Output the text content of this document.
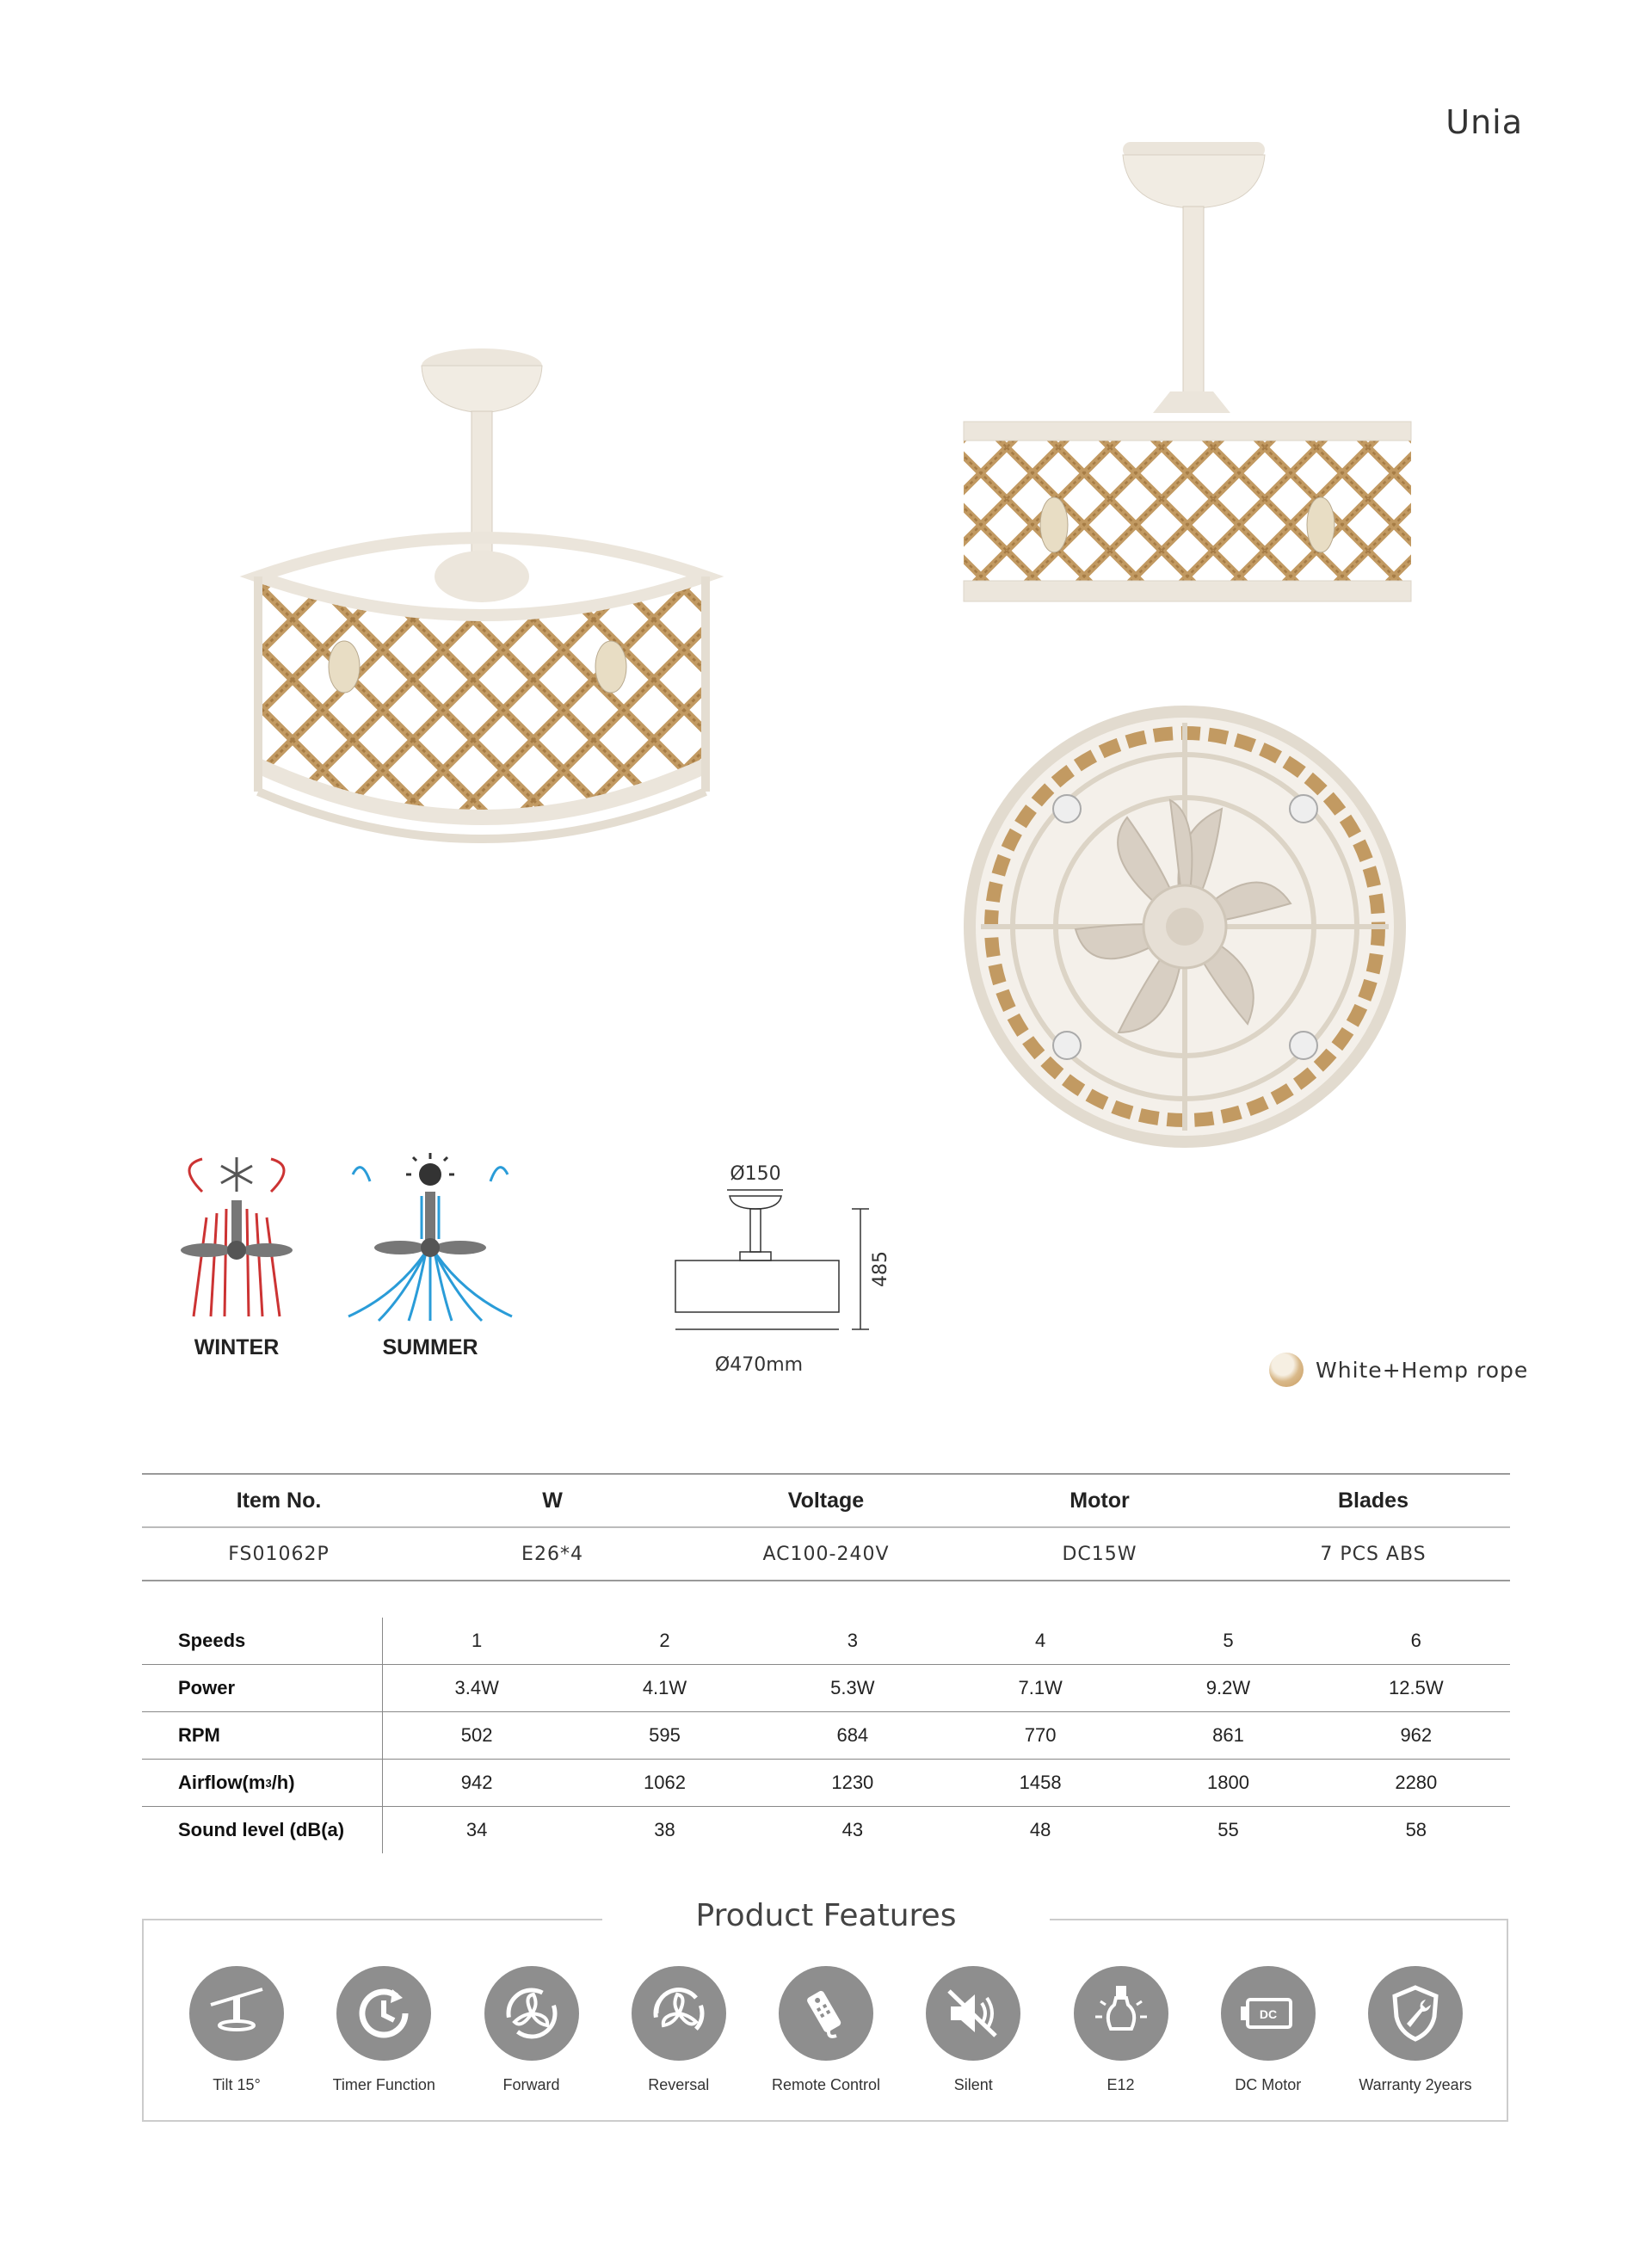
Unia
WINTER	SUMMER
Ø150
485
Ø470mm	White+Hemp rope
Item No.	W	Voltage	Motor	Blades
FS01062P	E26*4	AC100-240V	DC15W	7 PCS ABS
Speeds	1	2	3	4	5	6
Power	3.4W	4.1W	5.3W	7.1W	9.2W	12.5W
RPM	502	595	684	770	861	962
Airflow(m 3 /h)	942	1062	1230	1458	1800	2280
Sound level (dB(a)	34	38	43	48	55	58
Product Features
Tilt 15°	Timer Function	Forward	Reversal	Remote Control	Silent	E12
DC
DC Motor	Warranty 2years
